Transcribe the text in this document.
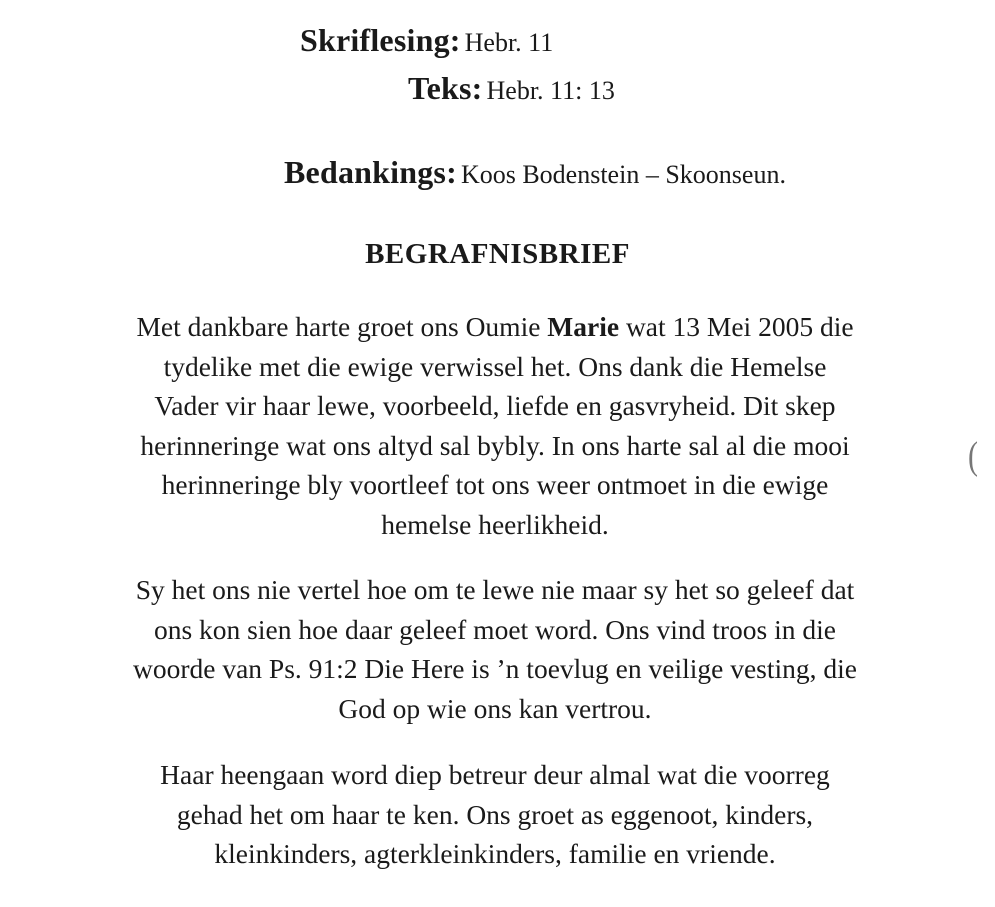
Skriflesing: Hebr. 11
Teks: Hebr. 11: 13
Bedankings: Koos Bodenstein – Skoonseun.
BEGRAFNISBRIEF
Met dankbare harte groet ons Oumie Marie wat 13 Mei 2005 die
tydelike met die ewige verwissel het. Ons dank die Hemelse
Vader vir haar lewe, voorbeeld, liefde en gasvryheid. Dit skep
herinneringe wat ons altyd sal bybly. In ons harte sal al die mooi
herinneringe bly voortleef tot ons weer ontmoet in die ewige
hemelse heerlikheid.
Sy het ons nie vertel hoe om te lewe nie maar sy het so geleef dat
ons kon sien hoe daar geleef moet word. Ons vind troos in die
woorde van Ps. 91:2 Die Here is ’n toevlug en veilige vesting, die
God op wie ons kan vertrou.
Haar heengaan word diep betreur deur almal wat die voorreg
gehad het om haar te ken. Ons groet as eggenoot, kinders,
kleinkinders, agterkleinkinders, familie en vriende.
(
